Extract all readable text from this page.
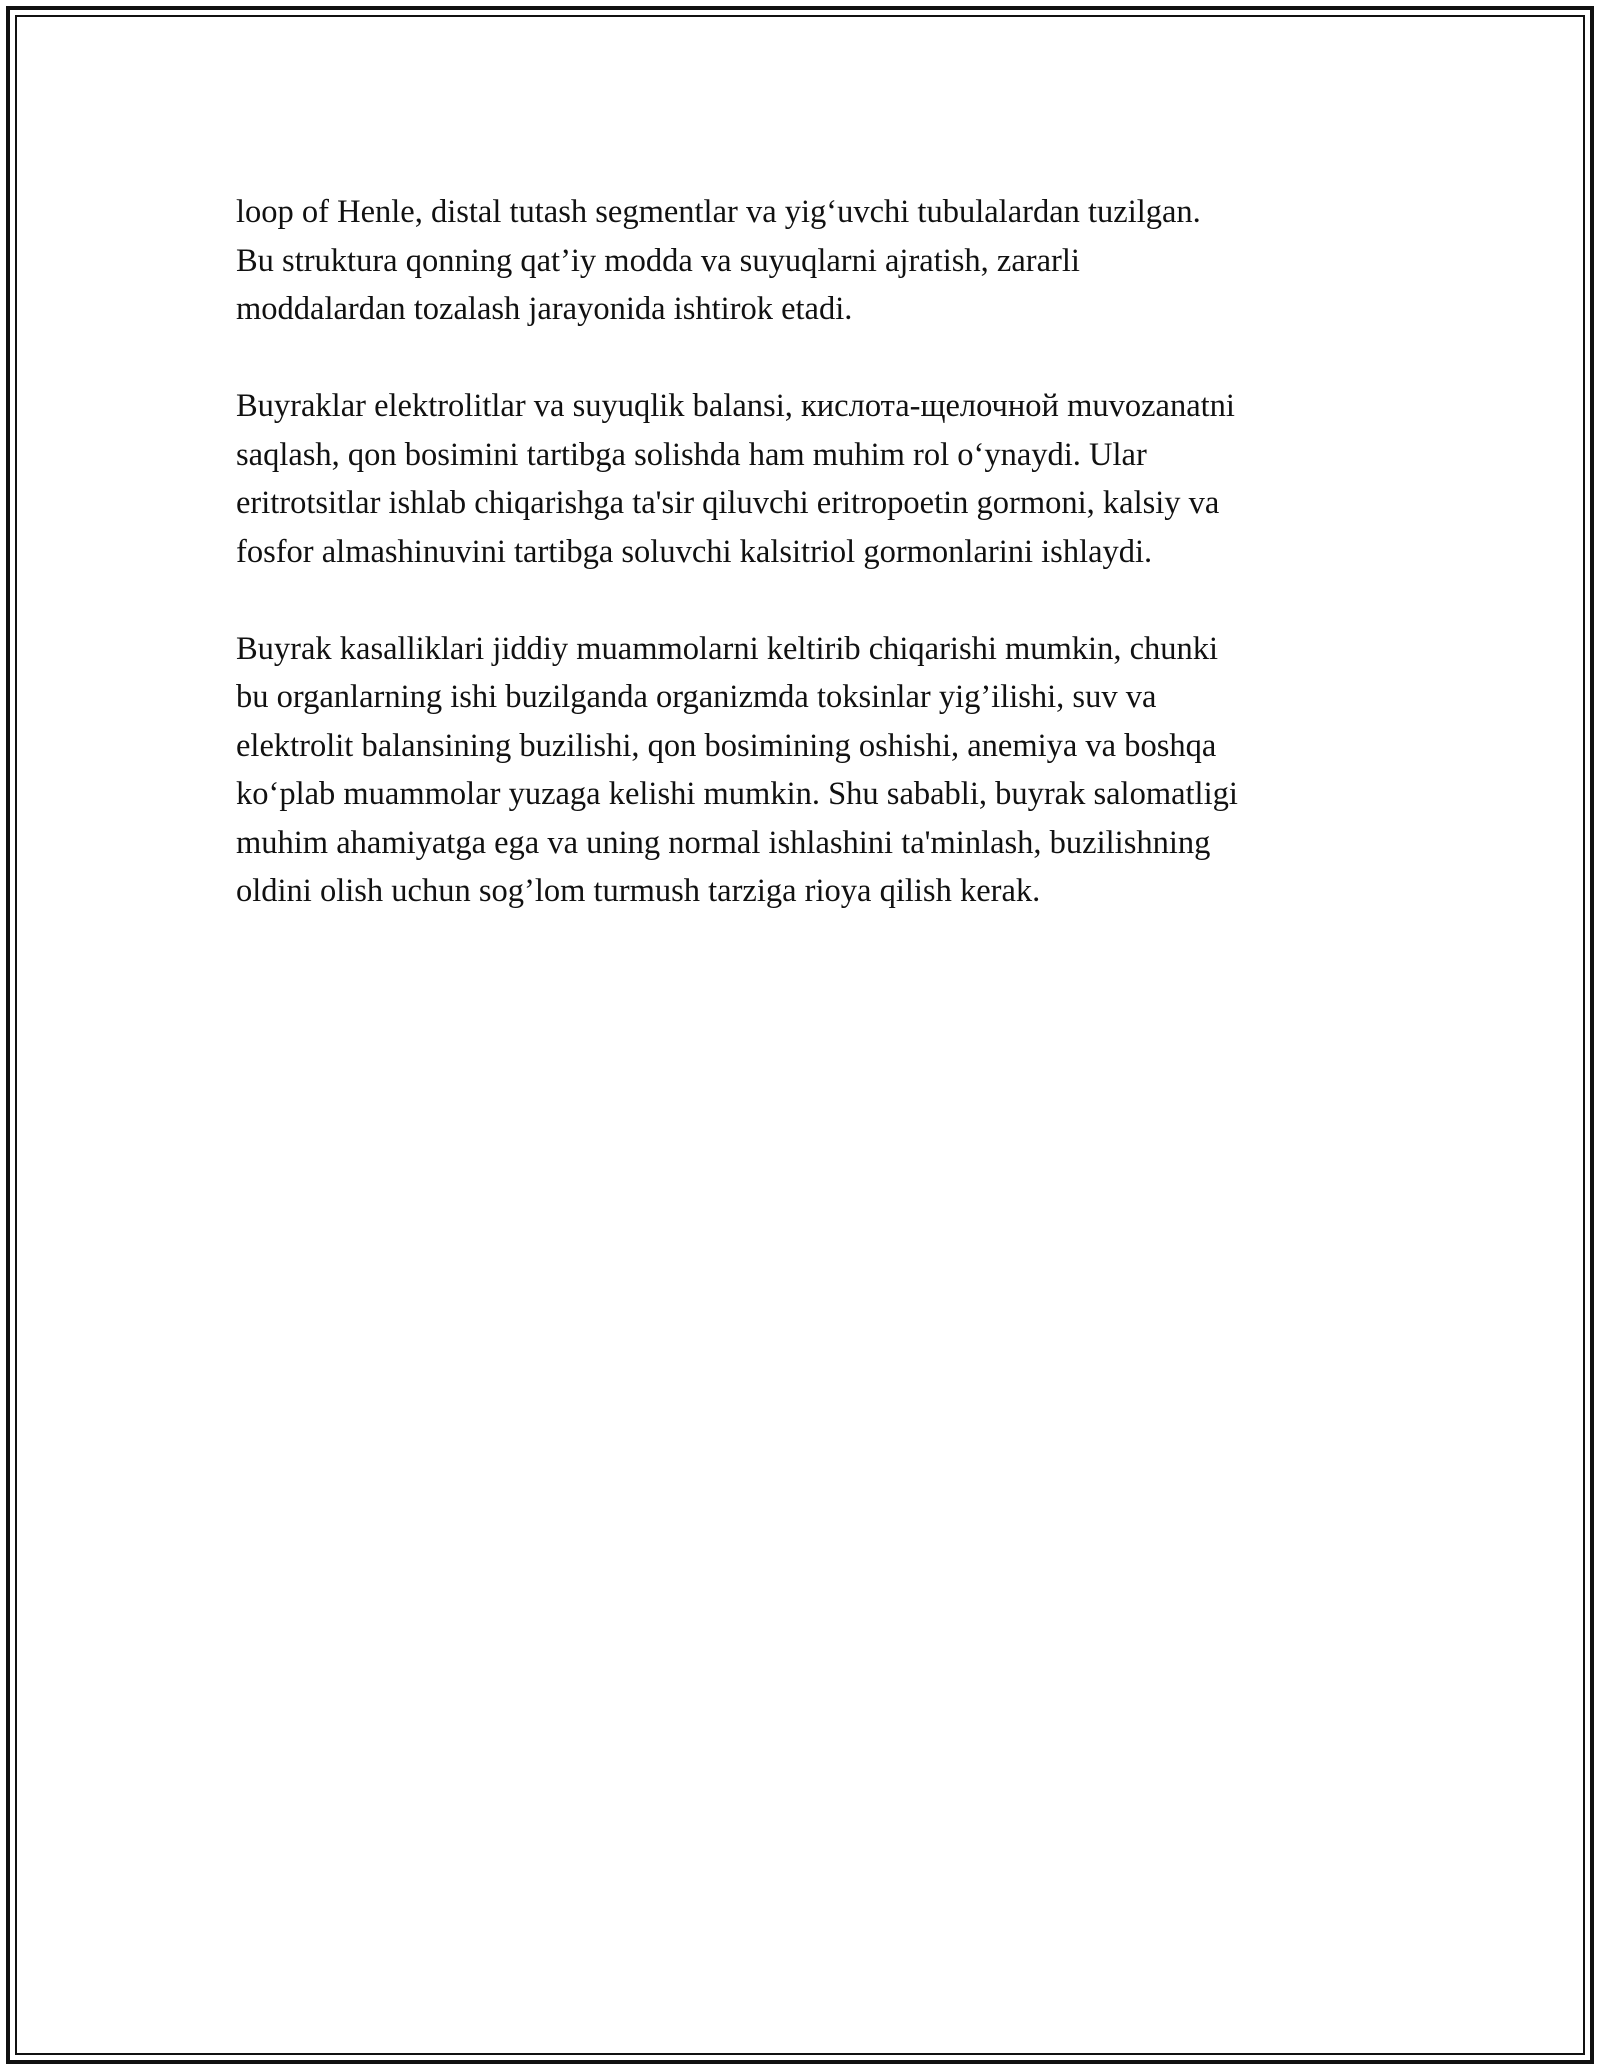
loop of Henle, distal tutash segmentlar va yig‘uvchi tubulalardan tuzilgan.
Bu struktura qonning qat’iy modda va suyuqlarni ajratish, zararli
moddalardan tozalash jarayonida ishtirok etadi.

Buyraklar elektrolitlar va suyuqlik balansi, кислота-щелочной muvozanatni
saqlash, qon bosimini tartibga solishda ham muhim rol o‘ynaydi. Ular
eritrotsitlar ishlab chiqarishga ta'sir qiluvchi eritropoetin gormoni, kalsiy va
fosfor almashinuvini tartibga soluvchi kalsitriol gormonlarini ishlaydi.

Buyrak kasalliklari jiddiy muammolarni keltirib chiqarishi mumkin, chunki
bu organlarning ishi buzilganda organizmda toksinlar yig’ilishi, suv va
elektrolit balansining buzilishi, qon bosimining oshishi, anemiya va boshqa
ko‘plab muammolar yuzaga kelishi mumkin. Shu sababli, buyrak salomatligi
muhim ahamiyatga ega va uning normal ishlashini ta'minlash, buzilishning
oldini olish uchun sog’lom turmush tarziga rioya qilish kerak.
